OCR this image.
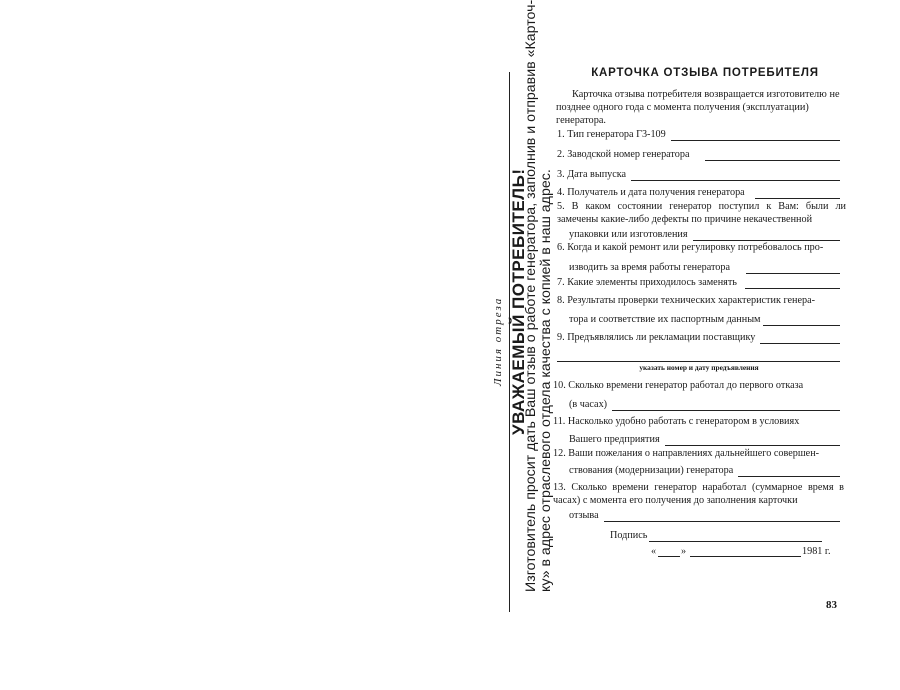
Линия отреза УВАЖАЕМЫЙ ПОТРЕБИТЕЛЬ!
Изготовитель просит дать Ваш отзыв о работе генератора, заполнив и отправив «Карточ- ку» в адрес отраслевого отдела качества с копией в наш адрес.
КАРТОЧКА ОТЗЫВА ПОТРЕБИТЕЛЯ
Карточка отзыва потребителя возвращается изготовителю не позднее одного года с момента получения (эксплуатации) генератора.
1. Тип генератора Г3-109
2. Заводской номер генератора
3. Дата выпуска
4. Получатель и дата получения генератора
5. В каком состоянии генератор поступил к Вам: были ли замечены какие-либо дефекты по причине некачественной
упаковки или изготовления
6. Когда и какой ремонт или регулировку потребовалось про-
изводить за время работы генератора
7. Какие элементы приходилось заменять
8. Результаты проверки технических характеристик генера-
тора и соответствие их паспортным данным
9. Предъявлялись ли рекламации поставщику
указать номер и дату предъявления
10. Сколько времени генератор работал до первого отказа
(в часах)
11. Насколько удобно работать с генератором в условиях
Вашего предприятия
12. Ваши пожелания о направлениях дальнейшего совершен-
ствования (модернизации) генератора
13. Сколько времени генератор наработал (суммарное время в часах) с момента его получения до заполнения карточки
отзыва
Подпись
« »	1981 г.
83
